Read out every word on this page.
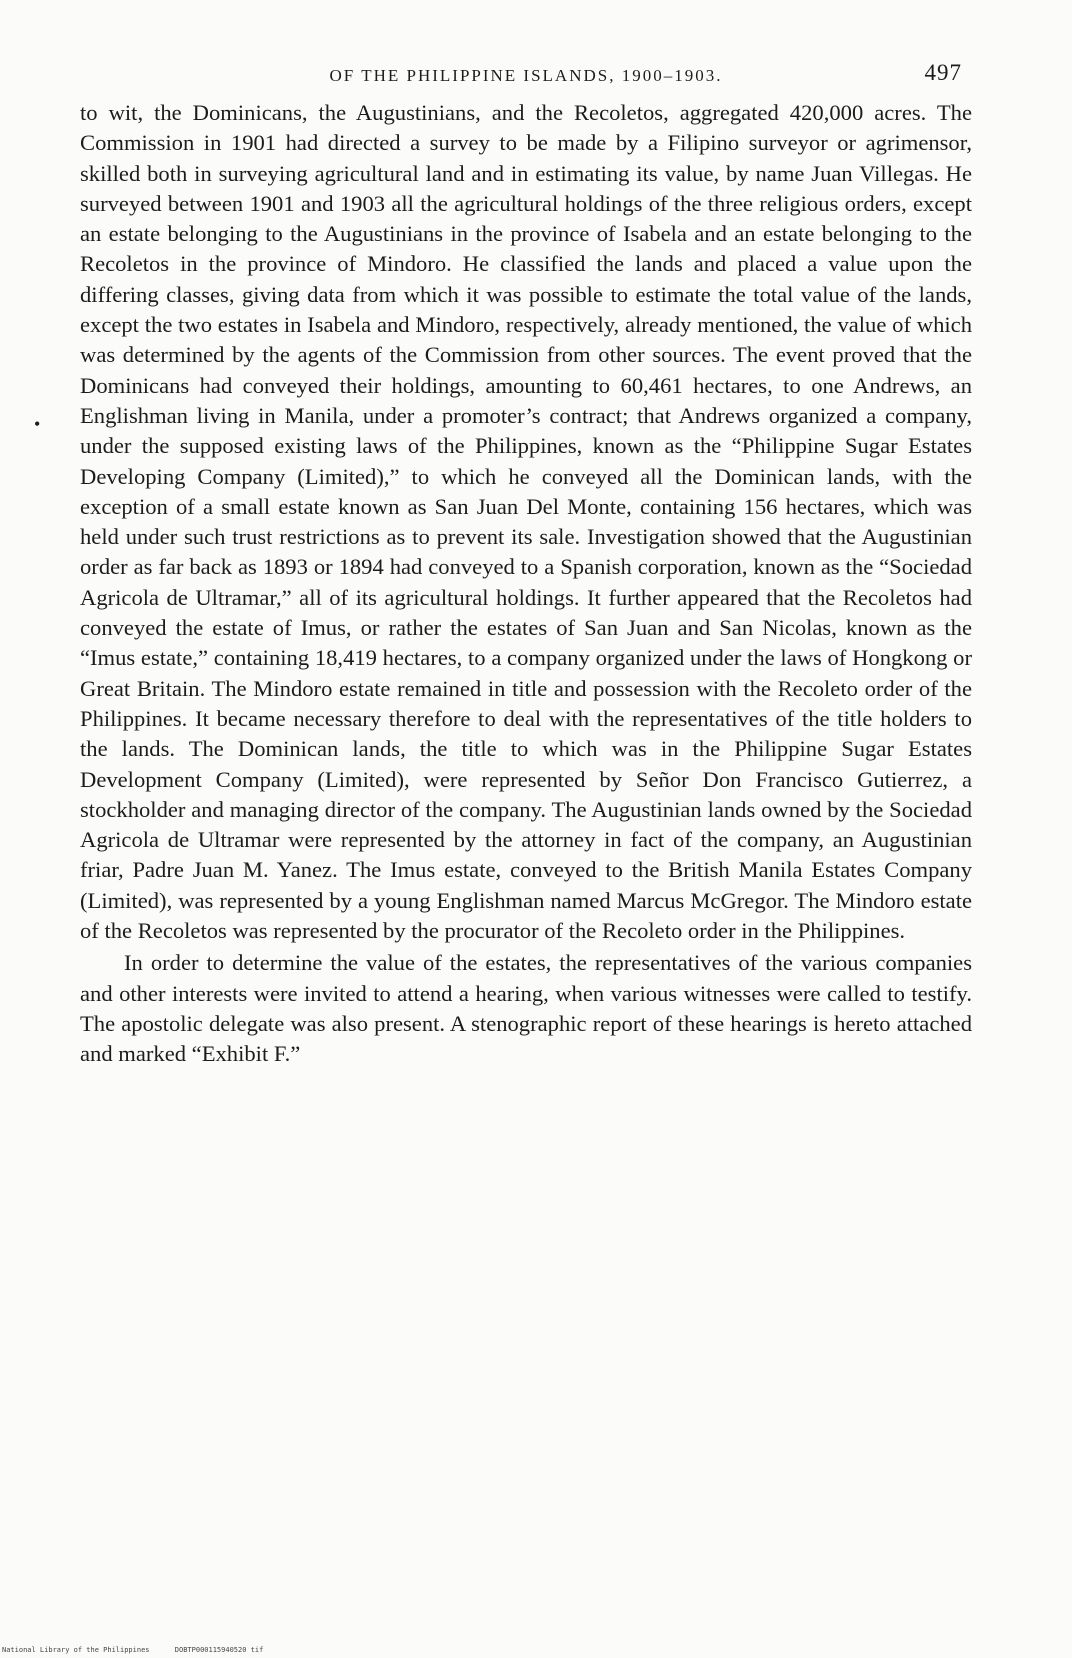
OF THE PHILIPPINE ISLANDS, 1900–1903.	497

to wit, the Dominicans, the Augustinians, and the Recoletos, aggregated 420,000 acres. The Commission in 1901 had directed a survey to be made by a Filipino surveyor or agrimensor, skilled both in surveying agricultural land and in estimating its value, by name Juan Villegas. He surveyed between 1901 and 1903 all the agricultural holdings of the three religious orders, except an estate belonging to the Augustinians in the province of Isabela and an estate belonging to the Recoletos in the province of Mindoro. He classified the lands and placed a value upon the differing classes, giving data from which it was possible to estimate the total value of the lands, except the two estates in Isabela and Mindoro, respectively, already mentioned, the value of which was determined by the agents of the Commission from other sources. The event proved that the Dominicans had conveyed their holdings, amounting to 60,461 hectares, to one Andrews, an Englishman living in Manila, under a promoter’s contract; that Andrews organized a company, under the supposed existing laws of the Philippines, known as the “Philippine Sugar Estates Developing Company (Limited),” to which he conveyed all the Dominican lands, with the exception of a small estate known as San Juan Del Monte, containing 156 hectares, which was held under such trust restrictions as to prevent its sale. Investigation showed that the Augustinian order as far back as 1893 or 1894 had conveyed to a Spanish corporation, known as the “Sociedad Agricola de Ultramar,” all of its agricultural holdings. It further appeared that the Recoletos had conveyed the estate of Imus, or rather the estates of San Juan and San Nicolas, known as the “Imus estate,” containing 18,419 hectares, to a company organized under the laws of Hongkong or Great Britain. The Mindoro estate remained in title and possession with the Recoleto order of the Philippines. It became necessary therefore to deal with the representatives of the title holders to the lands. The Dominican lands, the title to which was in the Philippine Sugar Estates Development Company (Limited), were represented by Señor Don Francisco Gutierrez, a stockholder and managing director of the company. The Augustinian lands owned by the Sociedad Agricola de Ultramar were represented by the attorney in fact of the company, an Augustinian friar, Padre Juan M. Yanez. The Imus estate, conveyed to the British Manila Estates Company (Limited), was represented by a young Englishman named Marcus McGregor. The Mindoro estate of the Recoletos was represented by the procurator of the Recoleto order in the Philippines.

In order to determine the value of the estates, the representatives of the various companies and other interests were invited to attend a hearing, when various witnesses were called to testify. The apostolic delegate was also present. A stenographic report of these hearings is hereto attached and marked “Exhibit F.”

•
National Library of the Philippines      DOBTP000115940520 tif
